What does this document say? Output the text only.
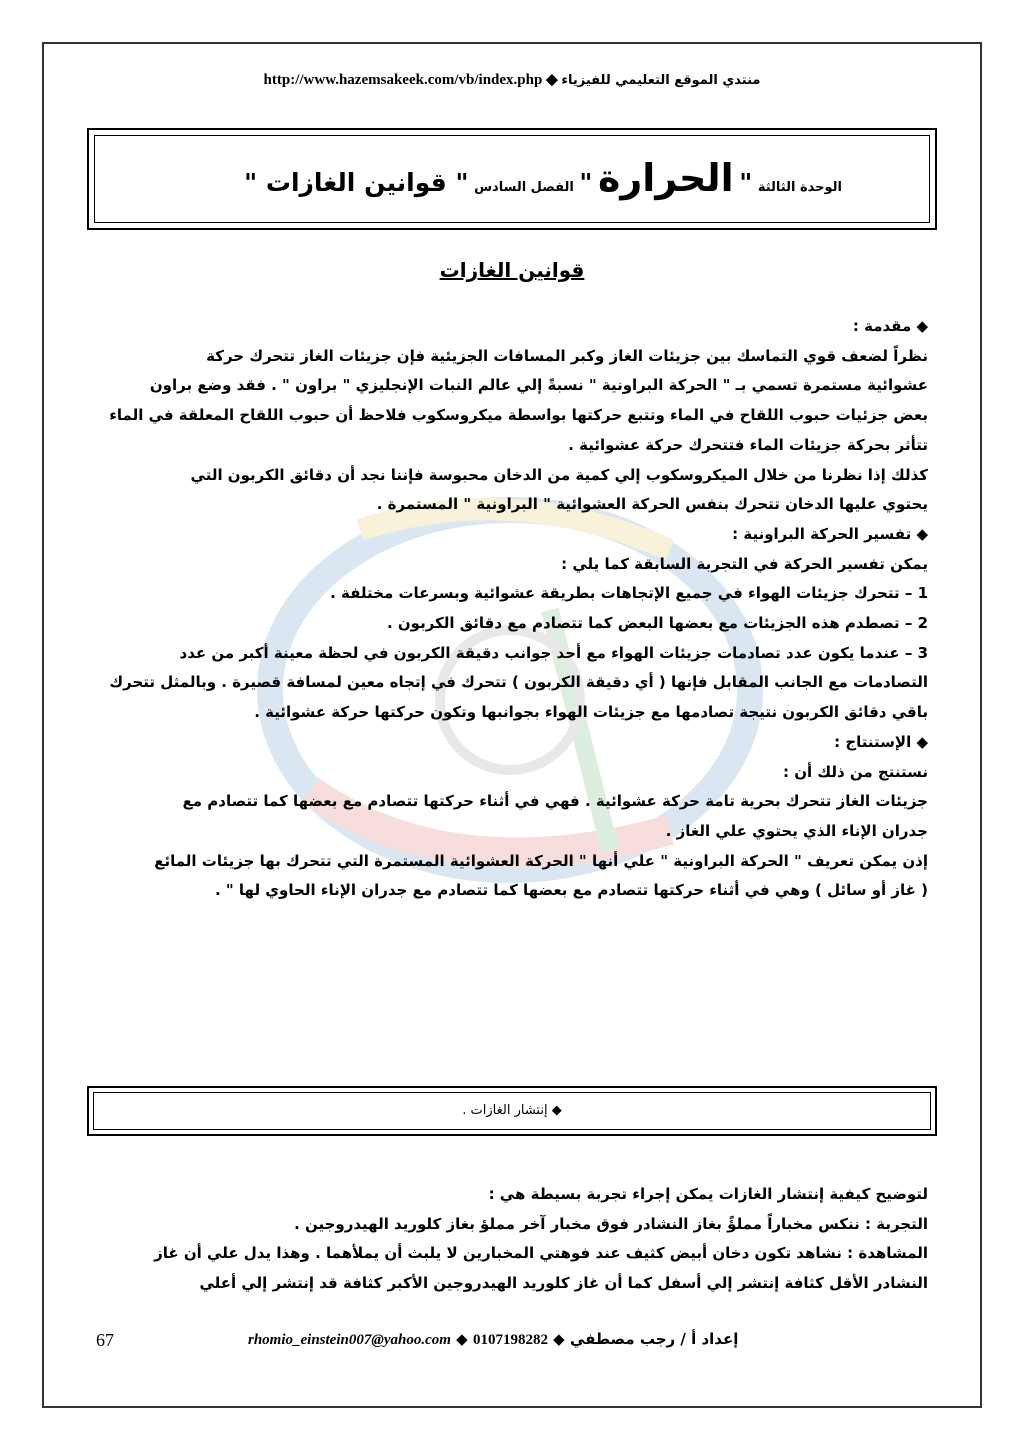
http://www.hazemsakeek.com/vb/index.php ◆ منتدي الموقع التعليمي للفيزياء
الوحدة الثالثة " الحرارة " الفصل السادس " قوانين الغازات "
قوانين الغازات
◆ مقدمة :
نظراً لضعف قوي التماسك بين جزيئات الغاز وكبر المسافات الجزيئية فإن جزيئات الغاز تتحرك حركة
عشوائية مستمرة تسمي بـ " الحركة البراونية " نسبةً إلي عالم النبات الإنجليزي " براون " . فقد وضع براون
بعض جزئيات حبوب اللقاح في الماء وتتبع حركتها بواسطة ميكروسكوب فلاحظ أن حبوب اللقاح المعلقة في الماء
تتأثر بحركة جزيئات الماء فتتحرك حركة عشوائية .
كذلك إذا نظرنا من خلال الميكروسكوب إلي كمية من الدخان محبوسة فإننا نجد أن دقائق الكربون التي
يحتوي عليها الدخان تتحرك بنفس الحركة العشوائية " البراونية " المستمرة .
◆ تفسير الحركة البراونية :
يمكن تفسير الحركة في التجربة السابقة كما يلي :
1 – تتحرك جزيئات الهواء في جميع الإتجاهات بطريقة عشوائية وبسرعات مختلفة .
2 – تصطدم هذه الجزيئات مع بعضها البعض كما تتصادم مع دقائق الكربون .
3 – عندما يكون عدد تصادمات جزيئات الهواء مع أحد جوانب دقيقة الكربون في لحظة معينة أكبر من عدد
التصادمات مع الجانب المقابل فإنها ( أي دقيقة الكربون ) تتحرك في إتجاه معين لمسافة قصيرة . وبالمثل تتحرك
باقي دقائق الكربون نتيجة تصادمها مع جزيئات الهواء بجوانبها وتكون حركتها حركة عشوائية .
◆ الإستنتاج :
نستنتج من ذلك أن :
جزيئات الغاز تتحرك بحرية تامة حركة عشوائية . فهي في أثناء حركتها تتصادم مع بعضها كما تتصادم مع
جدران الإناء الذي يحتوي علي الغاز .
إذن يمكن تعريف " الحركة البراونية " علي أنها " الحركة العشوائية المستمرة التي تتحرك بها جزيئات المائع
( غاز أو سائل ) وهي في أثناء حركتها تتصادم مع بعضها كما تتصادم مع جدران الإناء الحاوي لها " .
◆ إنتشار الغازات .
لتوضيح كيفية إنتشار الغازات يمكن إجراء تجربة بسيطة هي :
التجربة : ننكس مخباراً مملؤً بغاز النشادر فوق مخبار آخر مملؤ بغاز كلوريد الهيدروجين .
المشاهدة : نشاهد تكون دخان أبيض كثيف عند فوهتي المخبارين لا يلبث أن يملأهما . وهذا يدل علي أن غاز
النشادر الأقل كثافة إنتشر إلي أسفل كما أن غاز كلوريد الهيدروجين الأكبر كثافة قد إنتشر إلي أعلي
67	rhomio_einstein007@yahoo.com ◆ 0107198282 ◆ إعداد أ / رجب مصطفي
